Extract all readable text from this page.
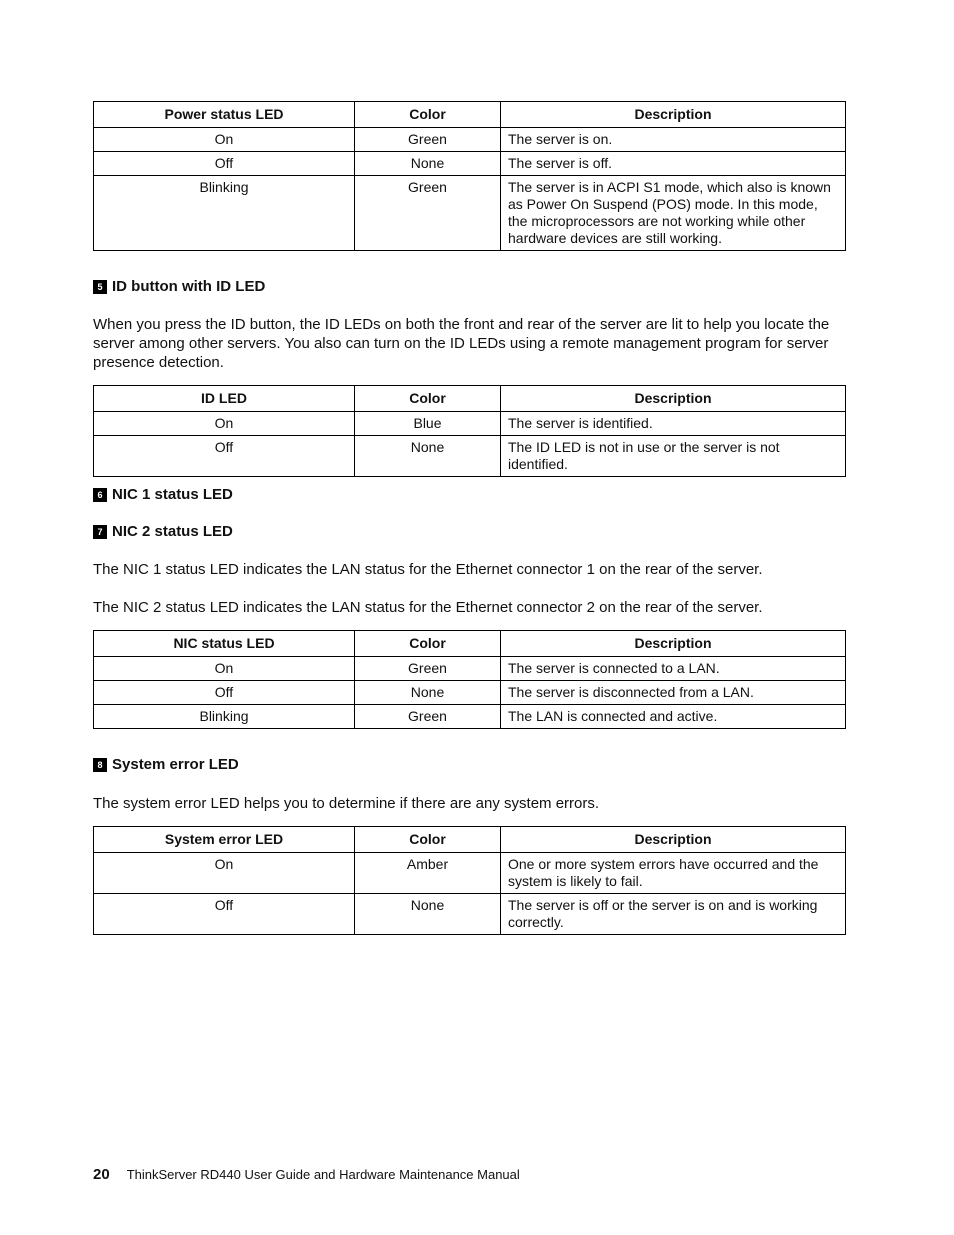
Power status LED	Color	Description
On	Green	The server is on.
Off	None	The server is off.
Blinking	Green	The server is in ACPI S1 mode, which also is known as Power On Suspend (POS) mode. In this mode, the microprocessors are not working while other hardware devices are still working.
5 ID button with ID LED

When you press the ID button, the ID LEDs on both the front and rear of the server are lit to help you locate the server among other servers. You also can turn on the ID LEDs using a remote management program for server presence detection.

ID LED	Color	Description
On	Blue	The server is identified.
Off	None	The ID LED is not in use or the server is not identified.
6 NIC 1 status LED
7 NIC 2 status LED

The NIC 1 status LED indicates the LAN status for the Ethernet connector 1 on the rear of the server.

The NIC 2 status LED indicates the LAN status for the Ethernet connector 2 on the rear of the server.

NIC status LED	Color	Description
On	Green	The server is connected to a LAN.
Off	None	The server is disconnected from a LAN.
Blinking	Green	The LAN is connected and active.
8 System error LED

The system error LED helps you to determine if there are any system errors.

System error LED	Color	Description
On	Amber	One or more system errors have occurred and the system is likely to fail.
Off	None	The server is off or the server is on and is working correctly.
20 ThinkServer RD440 User Guide and Hardware Maintenance Manual
